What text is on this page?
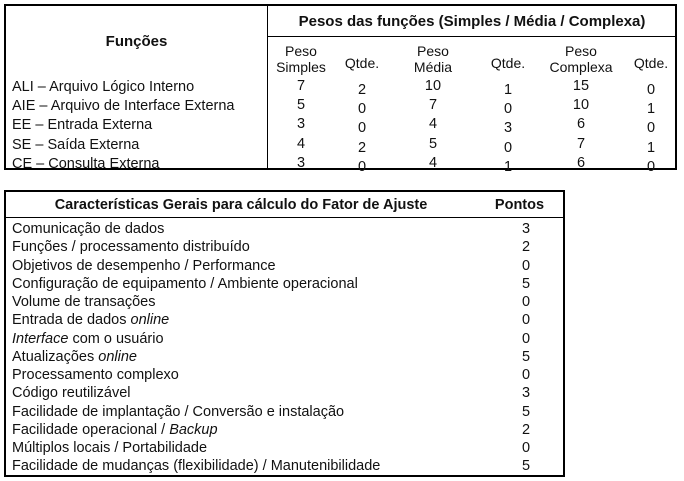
Funções
Pesos das funções (Simples / Média / Complexa)
ALI – Arquivo Lógico Interno
AIE – Arquivo de Interface Externa
EE – Entrada Externa
SE – Saída Externa
CE – Consulta Externa
Peso
Simples
7
5
3
4
3
Qtde.
2
0
0
2
0
Peso
Média
10
7
4
5
4
Qtde.
1
0
3
0
1
Peso
Complexa
15
10
6
7
6
Qtde.
0
1
0
1
0
Características Gerais para cálculo do Fator de Ajuste	Pontos
Comunicação de dados
Funções / processamento distribuído
Objetivos de desempenho / Performance
Configuração de equipamento / Ambiente operacional
Volume de transações
Entrada de dados online
Interface com o usuário
Atualizações online
Processamento complexo
Código reutilizável
Facilidade de implantação / Conversão e instalação
Facilidade operacional / Backup
Múltiplos locais / Portabilidade
Facilidade de mudanças (flexibilidade) / Manutenibilidade
3
2
0
5
0
0
0
5
0
3
5
2
0
5
